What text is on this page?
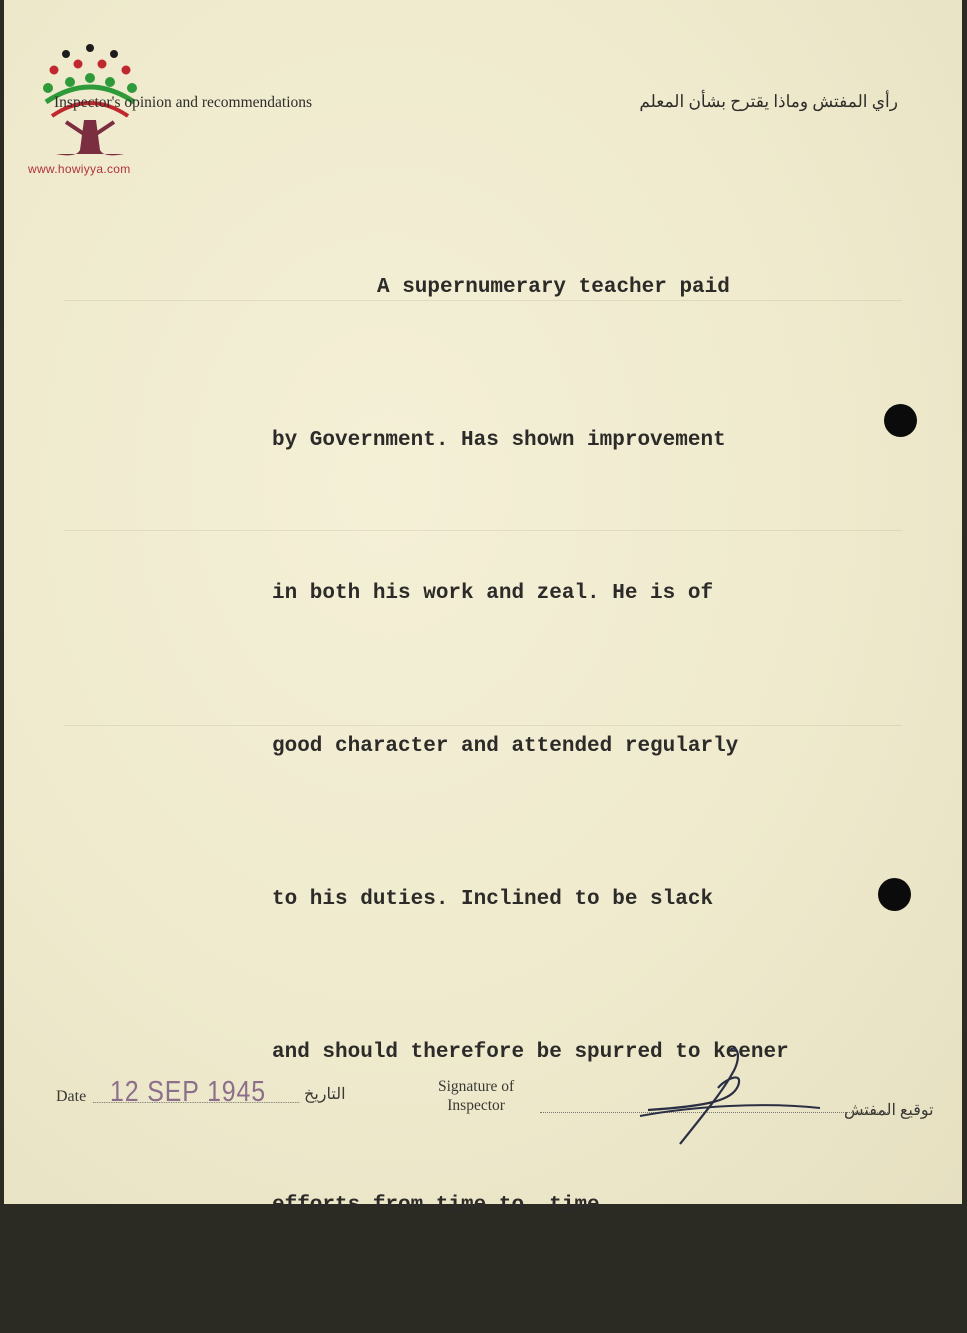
www.howiyya.com
Inspector's opinion and recommendations	رأي المفتش وماذا يقترح بشأن المعلم

A supernumerary teacher paid

by Government. Has shown improvement

in both his work and zeal. He is of

good character and attended regularly

to his duties. Inclined to be slack

and should therefore be spurred to keener

efforts from time to  time.

Date 12 SEP 1945 التاريخ	Signature of
Inspector	توقيع المفتش
